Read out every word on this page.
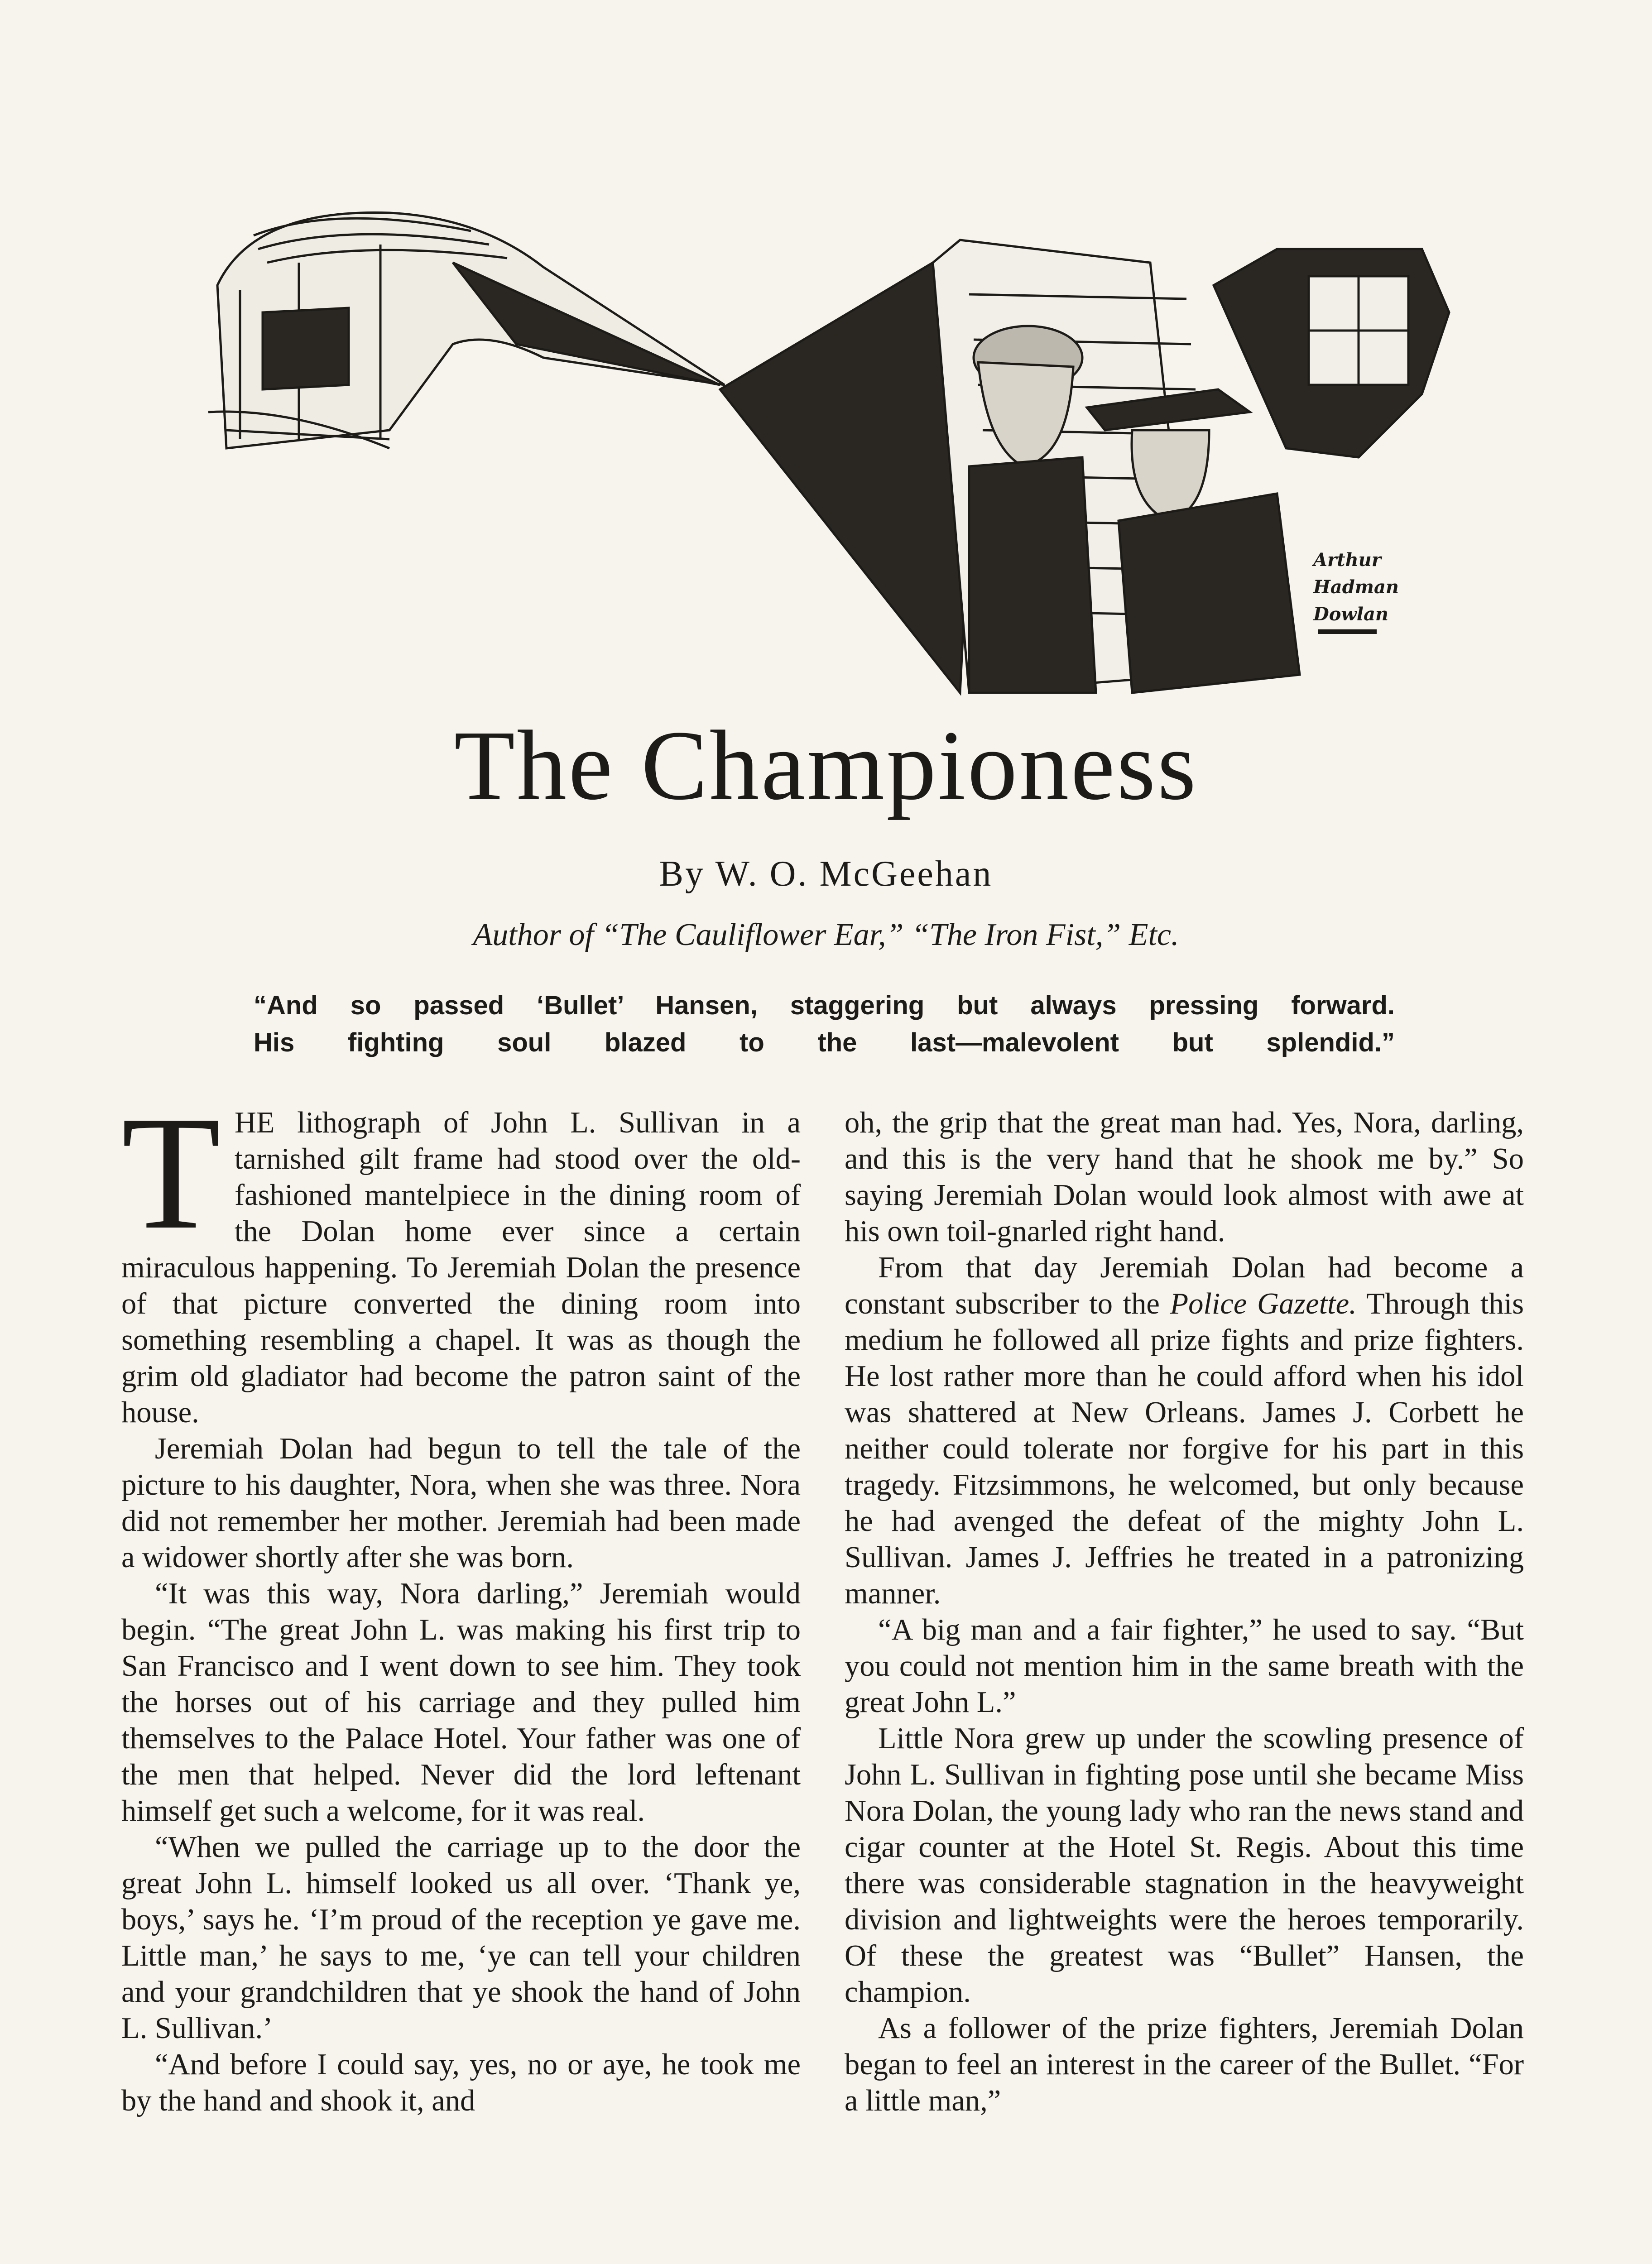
Arthur
Hadman
Dowlan
The Championess
By W. O. McGeehan
Author of “The Cauliflower Ear,” “The Iron Fist,” Etc.
“And so passed ‘Bullet’ Hansen, staggering but always pressing forward.
His fighting soul blazed to the last—malevolent but splendid.”

THE lithograph of John L. Sullivan in a tarnished gilt frame had stood over the old-fashioned mantelpiece in the dining room of the Dolan home ever since a certain miraculous happening. To Jeremiah Dolan the presence of that picture converted the dining room into something resembling a chapel. It was as though the grim old gladiator had become the patron saint of the house.

Jeremiah Dolan had begun to tell the tale of the picture to his daughter, Nora, when she was three. Nora did not remember her mother. Jeremiah had been made a widower shortly after she was born.

“It was this way, Nora darling,” Jeremiah would begin. “The great John L. was making his first trip to San Francisco and I went down to see him. They took the horses out of his carriage and they pulled him themselves to the Palace Hotel. Your father was one of the men that helped. Never did the lord leftenant himself get such a welcome, for it was real.

“When we pulled the carriage up to the door the great John L. himself looked us all over. ‘Thank ye, boys,’ says he. ‘I’m proud of the reception ye gave me. Little man,’ he says to me, ‘ye can tell your children and your grandchildren that ye shook the hand of John L. Sullivan.’

“And before I could say, yes, no or aye, he took me by the hand and shook it, and

oh, the grip that the great man had. Yes, Nora, darling, and this is the very hand that he shook me by.” So saying Jeremiah Dolan would look almost with awe at his own toil-gnarled right hand.

From that day Jeremiah Dolan had become a constant subscriber to the Police Gazette. Through this medium he followed all prize fights and prize fighters. He lost rather more than he could afford when his idol was shattered at New Orleans. James J. Corbett he neither could tolerate nor forgive for his part in this tragedy. Fitzsimmons, he welcomed, but only because he had avenged the defeat of the mighty John L. Sullivan. James J. Jeffries he treated in a patronizing manner.

“A big man and a fair fighter,” he used to say. “But you could not mention him in the same breath with the great John L.”

Little Nora grew up under the scowling presence of John L. Sullivan in fighting pose until she became Miss Nora Dolan, the young lady who ran the news stand and cigar counter at the Hotel St. Regis. About this time there was considerable stagnation in the heavyweight division and lightweights were the heroes temporarily. Of these the greatest was “Bullet” Hansen, the champion.

As a follower of the prize fighters, Jeremiah Dolan began to feel an interest in the career of the Bullet. “For a little man,”
